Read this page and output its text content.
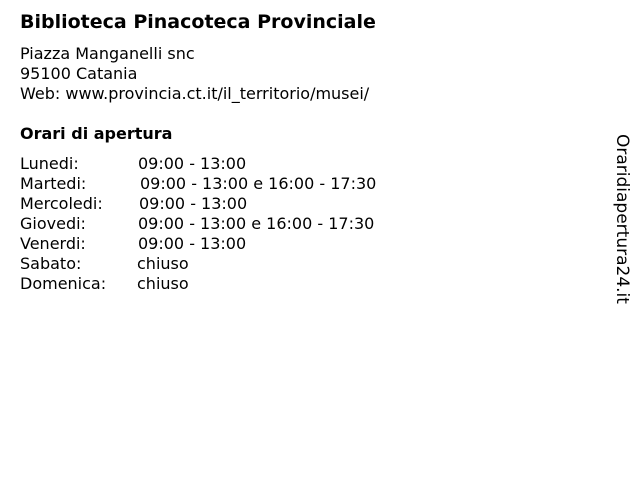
Biblioteca Pinacoteca Provinciale
Piazza Manganelli snc
95100 Catania
Web: www.provincia.ct.it/il_territorio/musei/
Orari di apertura
Lunedi:	09:00 - 13:00
Martedi:	09:00 - 13:00 e 16:00 - 17:30
Mercoledi:	09:00 - 13:00
Giovedi:	09:00 - 13:00 e 16:00 - 17:30
Venerdi:	09:00 - 13:00
Sabato:	chiuso
Domenica:	chiuso	Oraridiapertura24.it
